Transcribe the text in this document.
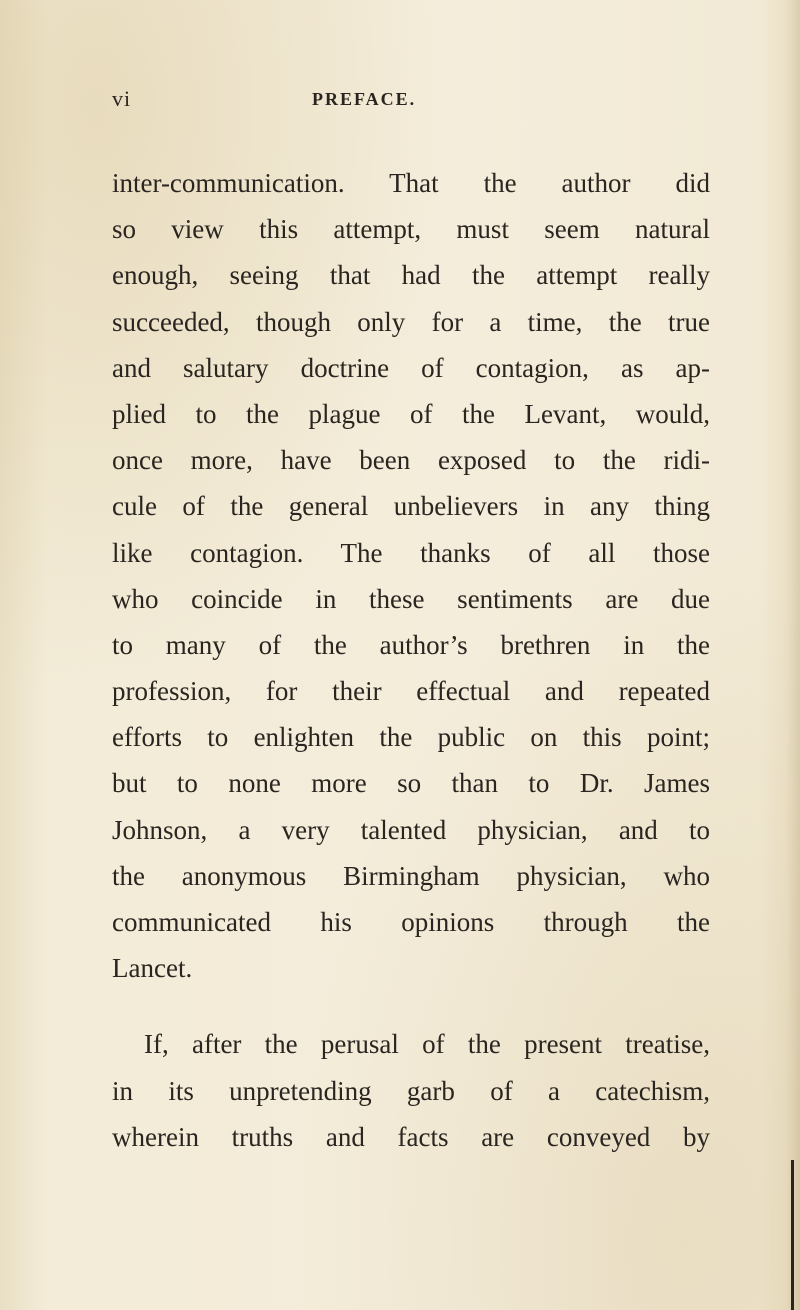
vi	PREFACE.
inter-communication. That the author did
so view this attempt, must seem natural
enough, seeing that had the attempt really
succeeded, though only for a time, the true
and salutary doctrine of contagion, as ap-
plied to the plague of the Levant, would,
once more, have been exposed to the ridi-
cule of the general unbelievers in any thing
like contagion. The thanks of all those
who coincide in these sentiments are due
to many of the author’s brethren in the
profession, for their effectual and repeated
efforts to enlighten the public on this point;
but to none more so than to Dr. James
Johnson, a very talented physician, and to
the anonymous Birmingham physician, who
communicated his opinions through the
Lancet.
If, after the perusal of the present treatise,
in its unpretending garb of a catechism,
wherein truths and facts are conveyed by
